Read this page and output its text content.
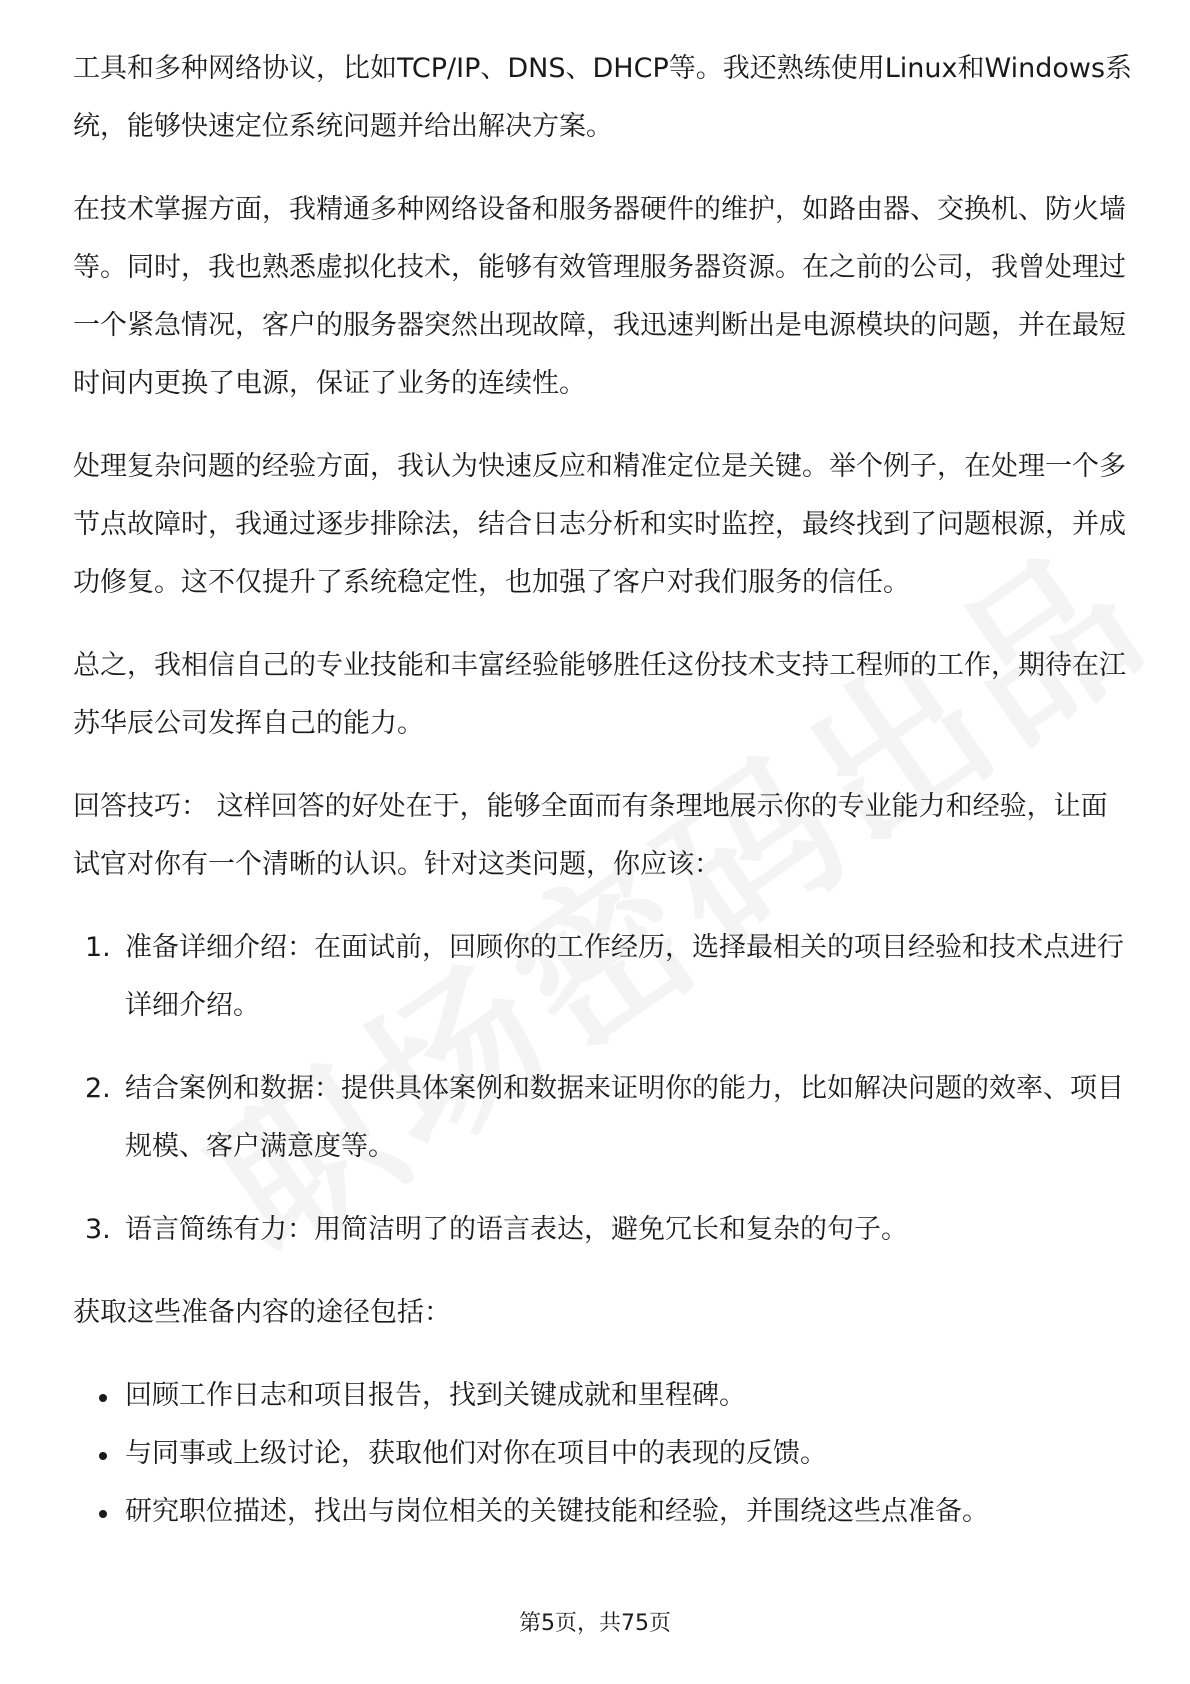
工具和多种网络协议，比如TCP/IP、DNS、DHCP等。我还熟练使用Linux和Windows系统，能够快速定位系统问题并给出解决方案。

在技术掌握方面，我精通多种网络设备和服务器硬件的维护，如路由器、交换机、防火墙等。同时，我也熟悉虚拟化技术，能够有效管理服务器资源。在之前的公司，我曾处理过一个紧急情况，客户的服务器突然出现故障，我迅速判断出是电源模块的问题，并在最短时间内更换了电源，保证了业务的连续性。

处理复杂问题的经验方面，我认为快速反应和精准定位是关键。举个例子，在处理一个多节点故障时，我通过逐步排除法，结合日志分析和实时监控，最终找到了问题根源，并成功修复。这不仅提升了系统稳定性，也加强了客户对我们服务的信任。

总之，我相信自己的专业技能和丰富经验能够胜任这份技术支持工程师的工作，期待在江苏华辰公司发挥自己的能力。

回答技巧： 这样回答的好处在于，能够全面而有条理地展示你的专业能力和经验，让面试官对你有一个清晰的认识。针对这类问题，你应该：

1. 准备详细介绍：在面试前，回顾你的工作经历，选择最相关的项目经验和技术点进行详细介绍。
2. 结合案例和数据：提供具体案例和数据来证明你的能力，比如解决问题的效率、项目规模、客户满意度等。
3. 语言简练有力：用简洁明了的语言表达，避免冗长和复杂的句子。

获取这些准备内容的途径包括：

回顾工作日志和项目报告，找到关键成就和里程碑。
与同事或上级讨论，获取他们对你在项目中的表现的反馈。
研究职位描述，找出与岗位相关的关键技能和经验，并围绕这些点准备。
第5页，共75页
